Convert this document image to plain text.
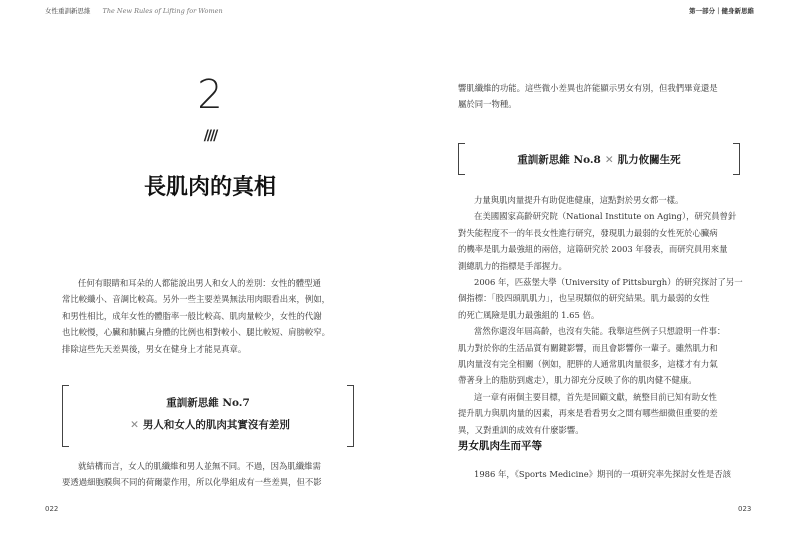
女性重訓新思維 The New Rules of Lifting for Women	第一部分｜健身新思維
2
////
長肌肉的真相
任何有眼睛和耳朵的人都能說出男人和女人的差別：女性的體型通
常比較纖小、音調比較高。另外一些主要差異無法用肉眼看出來，例如，
和男性相比，成年女性的體脂率一般比較高、肌肉量較少，女性的代謝
也比較慢，心臟和肺臟占身體的比例也相對較小、腿比較短、肩膀較窄。
排除這些先天差異後，男女在健身上才能見真章。
重訓新思維 No.7
✕ 男人和女人的肌肉其實沒有差別
就結構而言，女人的肌纖維和男人並無不同。不過，因為肌纖維需
要透過細胞膜與不同的荷爾蒙作用，所以化學組成有一些差異，但不影
022
響肌纖維的功能。這些微小差異也許能顯示男女有別，但我們畢竟還是
屬於同一物種。
重訓新思維 No.8 ✕ 肌力攸關生死
力量與肌肉量提升有助促進健康，這點對於男女都一樣。
在美國國家高齡研究院（National Institute on Aging），研究員曾針
對失能程度不一的年長女性進行研究，發現肌力最弱的女性死於心臟病
的機率是肌力最強組的兩倍，這篇研究於 2003 年發表，而研究員用來量
測總肌力的指標是手部握力。
2006 年，匹茲堡大學（University of Pittsburgh）的研究探討了另一
個指標：「股四頭肌肌力」，也呈現類似的研究結果。肌力最弱的女性
的死亡風險是肌力最強組的 1.65 倍。
當然你還沒年屆高齡，也沒有失能。我舉這些例子只想證明一件事：
肌力對於你的生活品質有關鍵影響，而且會影響你一輩子。雖然肌力和
肌肉量沒有完全相關（例如，肥胖的人通常肌肉量很多，這樣才有力氣
帶著身上的脂肪到處走），肌力卻充分反映了你的肌肉健不健康。
這一章有兩個主要目標，首先是回顧文獻，統整目前已知有助女性
提升肌力與肌肉量的因素，再來是看看男女之間有哪些細微但重要的差
異，又對重訓的成效有什麼影響。
男女肌肉生而平等
1986 年，《Sports Medicine》期刊的一項研究率先探討女性是否該
023
